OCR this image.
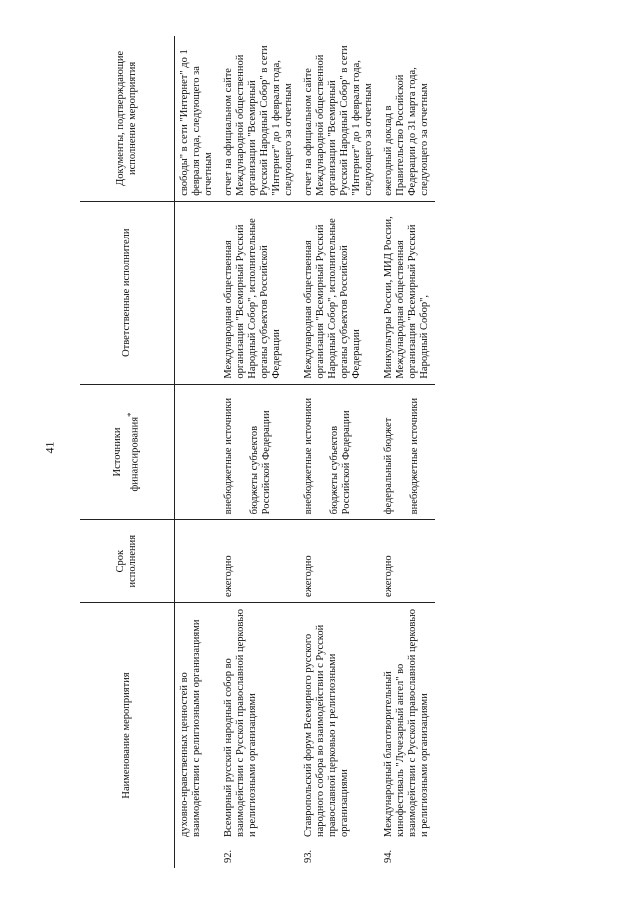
41
Наименование мероприятия	Срок исполнения	Источники финансирования*	Ответственные исполнители	Документы, подтверждающие исполнение мероприятия

духовно-нравственных ценностей во взаимодействии с религиозными организациями				свободы" в сети "Интернет" до 1 февраля года, следующего за отчетным
92.
Всемирный русский народный собор во взаимодействии с Русской православной церковью и религиозными организациями	ежегодно	внебюджетные источники бюджеты субъектов Российской Федерации	Международная общественная организация "Всемирный Русский Народный Собор", исполнительные органы субъектов Российской Федерации	отчет на официальном сайте Международной общественной организации "Всемирный Русский Народный Собор" в сети "Интернет" до 1 февраля года, следующего за отчетным
93.
Ставропольский форум Всемирного русского народного собора во взаимодействии с Русской православной церковью и религиозными организациями	ежегодно	внебюджетные источники бюджеты субъектов Российской Федерации	Международная общественная организация "Всемирный Русский Народный Собор", исполнительные органы субъектов Российской Федерации	отчет на официальном сайте Международной общественной организации "Всемирный Русский Народный Собор" в сети "Интернет" до 1 февраля года, следующего за отчетным
94.
Международный благотворительный кинофестиваль "Лучезарный ангел" во взаимодействии с Русской православной церковью и религиозными организациями	ежегодно	федеральный бюджет внебюджетные источники	Минкультуры России, МИД России, Международная общественная организация "Всемирный Русский Народный Собор",	ежегодный доклад в Правительство Российской Федерации до 31 марта года, следующего за отчетным
